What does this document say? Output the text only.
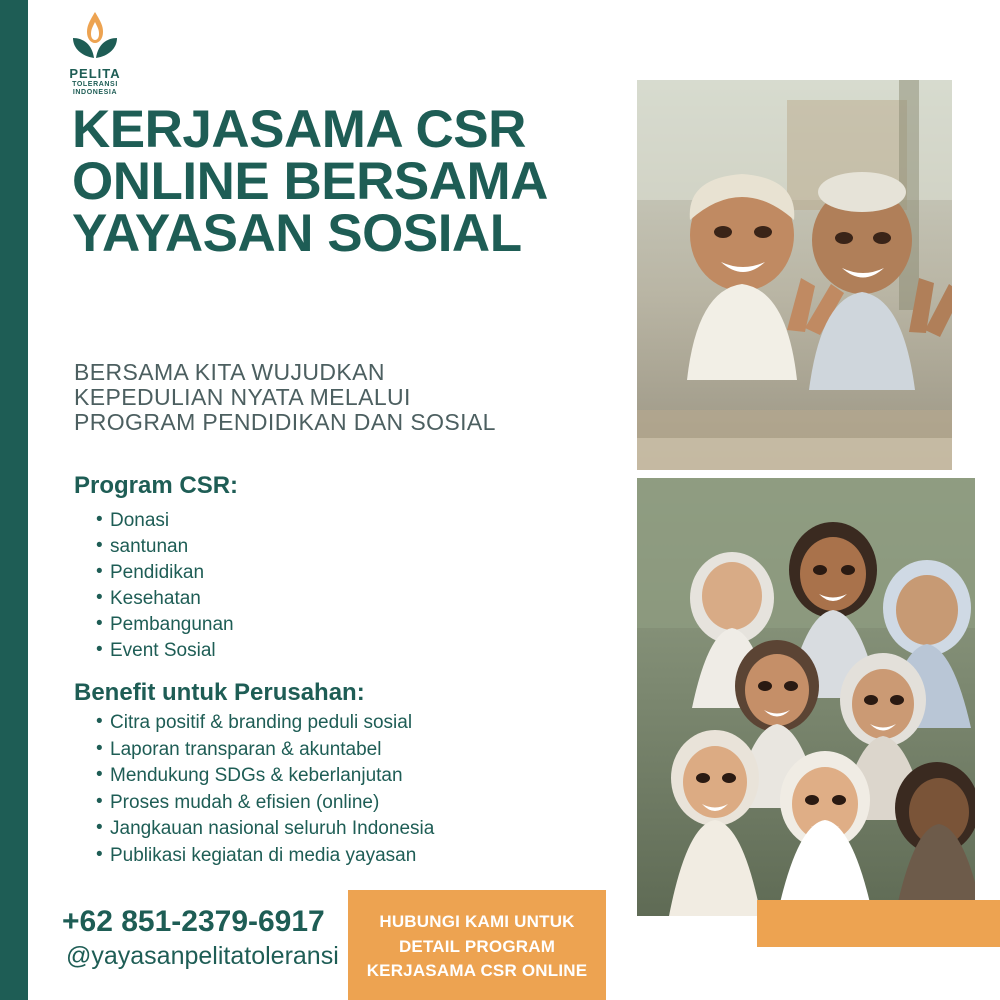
PELITA
TOLERANSI
INDONESIA
KERJASAMA CSR ONLINE BERSAMA YAYASAN SOSIAL
BERSAMA KITA WUJUDKAN KEPEDULIAN NYATA MELALUI PROGRAM PENDIDIKAN DAN SOSIAL
Program CSR:
• Donasi
• santunan
• Pendidikan
• Kesehatan
• Pembangunan
• Event Sosial
Benefit untuk Perusahan:
• Citra positif & branding peduli sosial
• Laporan transparan & akuntabel
• Mendukung SDGs & keberlanjutan
• Proses mudah & efisien (online)
• Jangkauan nasional seluruh Indonesia
• Publikasi kegiatan di media yayasan
+62 851-2379-6917
@yayasanpelitatoleransi
HUBUNGI KAMI UNTUK
DETAIL PROGRAM
KERJASAMA CSR ONLINE
